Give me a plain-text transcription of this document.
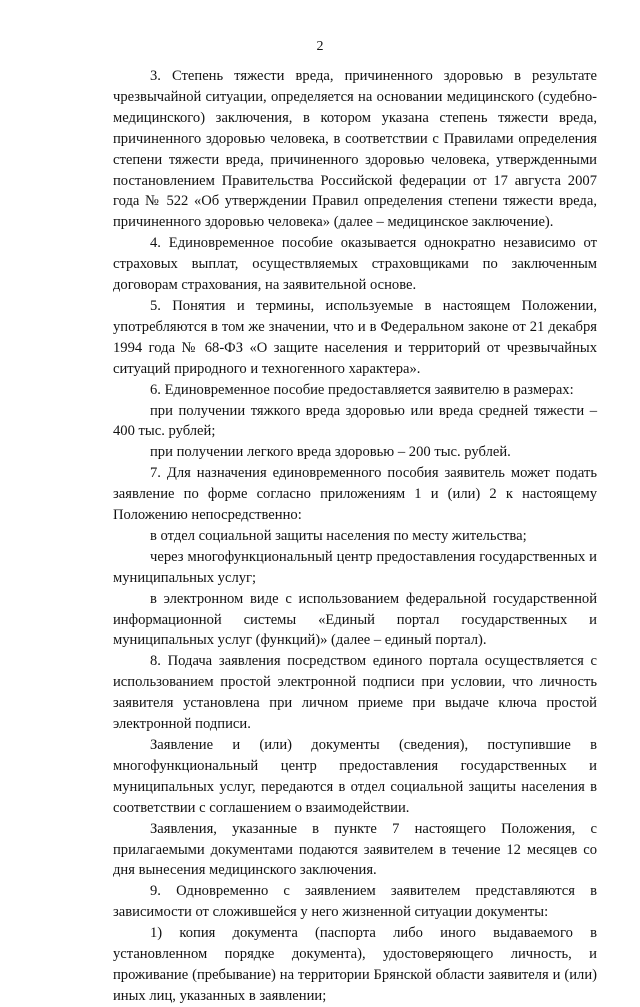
2

3. Степень тяжести вреда, причиненного здоровью в результате чрезвычайной ситуации, определяется на основании медицинского (судебно-медицинского) заключения, в котором указана степень тяжести вреда, причиненного здоровью человека, в соответствии с Правилами определения степени тяжести вреда, причиненного здоровью человека, утвержденными постановлением Правительства Российской федерации от 17 августа 2007 года № 522 «Об утверждении Правил определения степени тяжести вреда, причиненного здоровью человека» (далее – медицинское заключение).

4. Единовременное пособие оказывается однократно независимо от страховых выплат, осуществляемых страховщиками по заключенным договорам страхования, на заявительной основе.

5. Понятия и термины, используемые в настоящем Положении, употребляются в том же значении, что и в Федеральном законе от 21 декабря 1994 года № 68-ФЗ «О защите населения и территорий от чрезвычайных ситуаций природного и техногенного характера».

6. Единовременное пособие предоставляется заявителю в размерах:

при получении тяжкого вреда здоровью или вреда средней тяжести – 400 тыс. рублей;

при получении легкого вреда здоровью – 200 тыс. рублей.

7. Для назначения единовременного пособия заявитель может подать заявление по форме согласно приложениям 1 и (или) 2 к настоящему Положению непосредственно:

в отдел социальной защиты населения по месту жительства;

через многофункциональный центр предоставления государственных и муниципальных услуг;

в электронном виде с использованием федеральной государственной информационной системы «Единый портал государственных и муниципальных услуг (функций)» (далее – единый портал).

8. Подача заявления посредством единого портала осуществляется с использованием простой электронной подписи при условии, что личность заявителя установлена при личном приеме при выдаче ключа простой электронной подписи.

Заявление и (или) документы (сведения), поступившие в многофункциональный центр предоставления государственных и муниципальных услуг, передаются в отдел социальной защиты населения в соответствии с соглашением о взаимодействии.

Заявления, указанные в пункте 7 настоящего Положения, с прилагаемыми документами подаются заявителем в течение 12 месяцев со дня вынесения медицинского заключения.

9. Одновременно с заявлением заявителем представляются в зависимости от сложившейся у него жизненной ситуации документы:

1) копия документа (паспорта либо иного выдаваемого в установленном порядке документа), удостоверяющего личность, и проживание (пребывание) на территории Брянской области заявителя и (или) иных лиц, указанных в заявлении;
